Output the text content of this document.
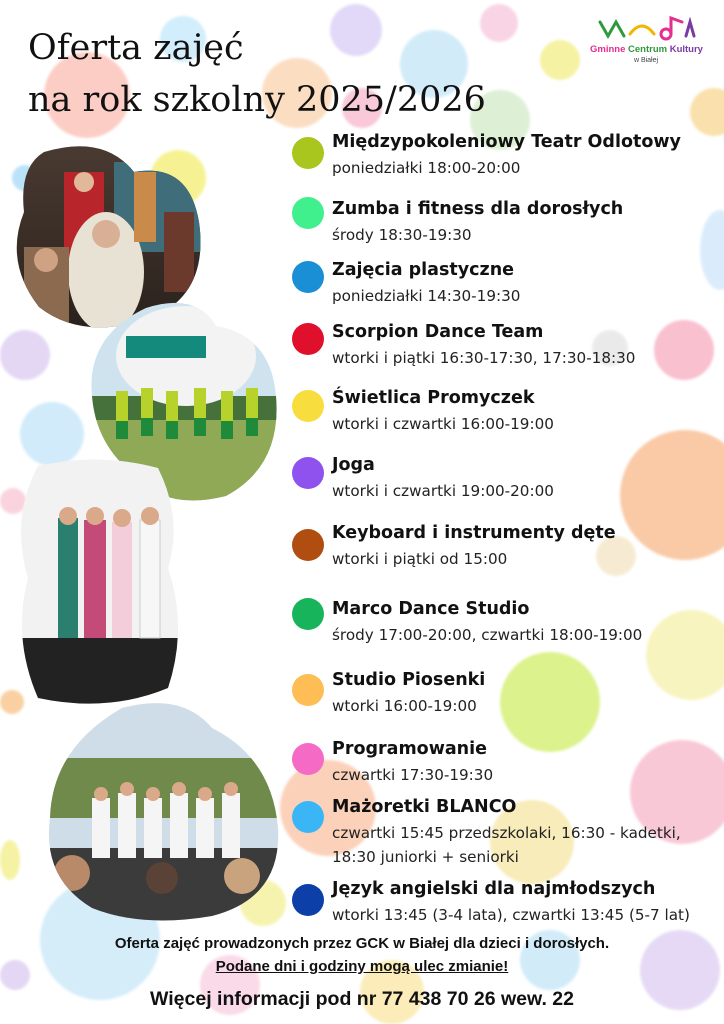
Oferta zajęć
na rok szkolny 2025/2026
Gminne Centrum Kultury
w Białej
Międzypokoleniowy Teatr Odlotowy
poniedziałki 18:00-20:00
Zumba i fitness dla dorosłych
środy 18:30-19:30
Zajęcia plastyczne
poniedziałki 14:30-19:30
Scorpion Dance Team
wtorki i piątki 16:30-17:30, 17:30-18:30
Świetlica Promyczek
wtorki i czwartki 16:00-19:00
Joga
wtorki i czwartki 19:00-20:00
Keyboard i instrumenty dęte
wtorki i piątki od 15:00
Marco Dance Studio
środy 17:00-20:00, czwartki 18:00-19:00
Studio Piosenki
wtorki 16:00-19:00
Programowanie
czwartki 17:30-19:30
Mażoretki BLANCO
czwartki 15:45 przedszkolaki, 16:30 - kadetki,
18:30 juniorki + seniorki
Język angielski dla najmłodszych
wtorki 13:45 (3-4 lata), czwartki 13:45 (5-7 lat)
Oferta zajęć prowadzonych przez GCK w Białej dla dzieci i dorosłych.
Podane dni i godziny mogą ulec zmianie!
Więcej informacji pod nr 77 438 70 26 wew. 22
